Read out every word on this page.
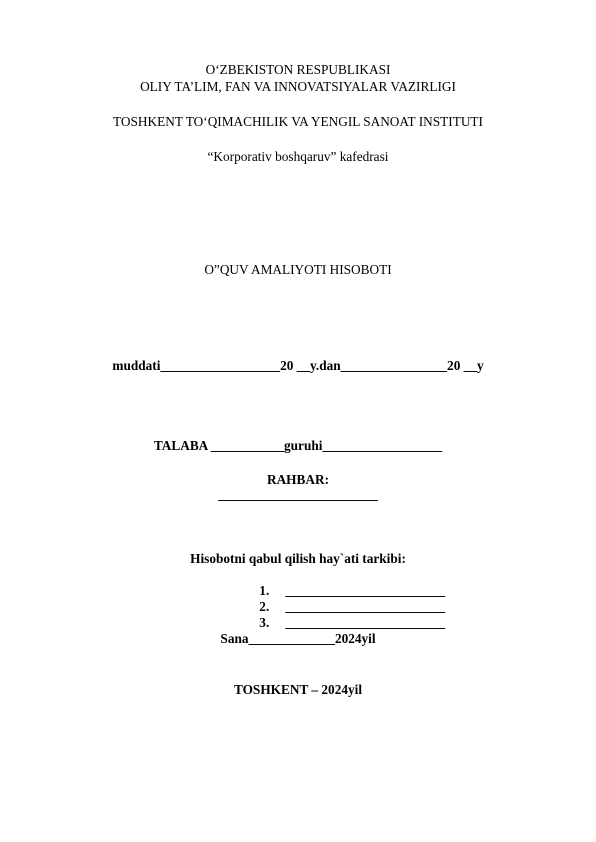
O‘ZBEKISTON RESPUBLIKASI
OLIY TA’LIM, FAN VA INNOVATSIYALAR VAZIRLIGI
TOSHKENT TO‘QIMACHILIK VA YENGIL SANOAT INSTITUTI
“Korporativ boshqaruv” kafedrasi
O”QUV AMALIYOTI HISOBOTI
muddati__________________20 __y.dan________________20 __y
TALABA ___________guruhi__________________
RAHBAR:
________________________
Hisobotni qabul qilish hay`ati tarkibi:

1. ________________________

2. ________________________

3. ________________________

Sana_____________2024yil
TOSHKENT – 2024yil
